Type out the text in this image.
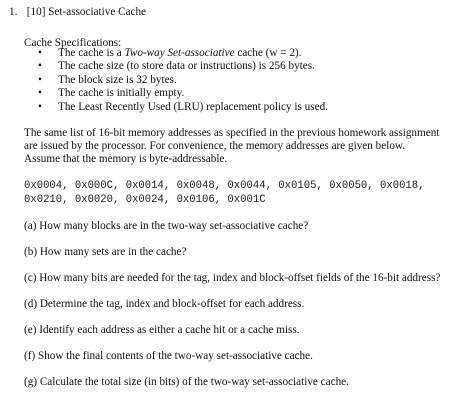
1. [10] Set-associative Cache
Cache Specifications:
• The cache is a Two-way Set-associative cache (w = 2).
• The cache size (to store data or instructions) is 256 bytes.
• The block size is 32 bytes.
• The cache is initially empty.
• The Least Recently Used (LRU) replacement policy is used.
The same list of 16-bit memory addresses as specified in the previous homework assignment
are issued by the processor. For convenience, the memory addresses are given below.
Assume that the memory is byte-addressable.
0x0004, 0x000C, 0x0014, 0x0048, 0x0044, 0x0105, 0x0050, 0x0018,
0x0210, 0x0020, 0x0024, 0x0106, 0x001C
(a) How many blocks are in the two-way set-associative cache?
(b) How many sets are in the cache?
(c) How many bits are needed for the tag, index and block-offset fields of the 16-bit address?
(d) Determine the tag, index and block-offset for each address.
(e) Identify each address as either a cache hit or a cache miss.
(f) Show the final contents of the two-way set-associative cache.
(g) Calculate the total size (in bits) of the two-way set-associative cache.
